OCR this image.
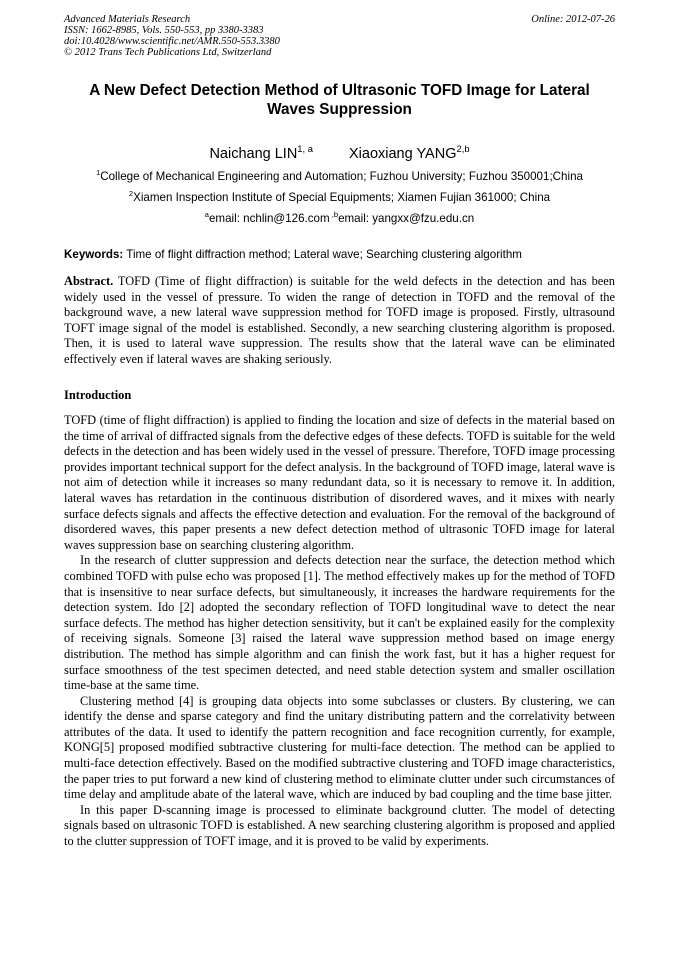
Advanced Materials Research
ISSN: 1662-8985, Vols. 550-553, pp 3380-3383
doi:10.4028/www.scientific.net/AMR.550-553.3380
© 2012 Trans Tech Publications Ltd, Switzerland
Online: 2012-07-26
A New Defect Detection Method of Ultrasonic TOFD Image for Lateral Waves Suppression
Naichang LIN$^{1, a}$ Xiaoxiang YANG$^{2,b}$
$^1$College of Mechanical Engineering and Automation; Fuzhou University; Fuzhou 350001;China
$^2$Xiamen Inspection Institute of Special Equipments; Xiamen Fujian 361000; China
$^a$email: nchlin@126.com $^{,b}$email: yangxx@fzu.edu.cn
Keywords: Time of flight diffraction method; Lateral wave; Searching clustering algorithm

Abstract. TOFD (Time of flight diffraction) is suitable for the weld defects in the detection and has been widely used in the vessel of pressure. To widen the range of detection in TOFD and the removal of the background wave, a new lateral wave suppression method for TOFD image is proposed. Firstly, ultrasound TOFT image signal of the model is established. Secondly, a new searching clustering algorithm is proposed. Then, it is used to lateral wave suppression. The results show that the lateral wave can be eliminated effectively even if lateral waves are shaking seriously.

Introduction

TOFD (time of flight diffraction) is applied to finding the location and size of defects in the material based on the time of arrival of diffracted signals from the defective edges of these defects. TOFD is suitable for the weld defects in the detection and has been widely used in the vessel of pressure. Therefore, TOFD image processing provides important technical support for the defect analysis. In the background of TOFD image, lateral wave is not aim of detection while it increases so many redundant data, so it is necessary to remove it. In addition, lateral waves has retardation in the continuous distribution of disordered waves, and it mixes with nearly surface defects signals and affects the effective detection and evaluation. For the removal of the background of disordered waves, this paper presents a new defect detection method of ultrasonic TOFD image for lateral waves suppression base on searching clustering algorithm.

In the research of clutter suppression and defects detection near the surface, the detection method which combined TOFD with pulse echo was proposed [1]. The method effectively makes up for the method of TOFD that is insensitive to near surface defects, but simultaneously, it increases the hardware requirements for the detection system. Ido [2] adopted the secondary reflection of TOFD longitudinal wave to detect the near surface defects. The method has higher detection sensitivity, but it can't be explained easily for the complexity of receiving signals. Someone [3] raised the lateral wave suppression method based on image energy distribution. The method has simple algorithm and can finish the work fast, but it has a higher request for surface smoothness of the test specimen detected, and need stable detection system and smaller oscillation time-base at the same time.

Clustering method [4] is grouping data objects into some subclasses or clusters. By clustering, we can identify the dense and sparse category and find the unitary distributing pattern and the correlativity between attributes of the data. It used to identify the pattern recognition and face recognition currently, for example, KONG[5] proposed modified subtractive clustering for multi-face detection. The method can be applied to multi-face detection effectively. Based on the modified subtractive clustering and TOFD image characteristics, the paper tries to put forward a new kind of clustering method to eliminate clutter under such circumstances of time delay and amplitude abate of the lateral wave, which are induced by bad coupling and the time base jitter.

In this paper D-scanning image is processed to eliminate background clutter. The model of detecting signals based on ultrasonic TOFD is established. A new searching clustering algorithm is proposed and applied to the clutter suppression of TOFT image, and it is proved to be valid by experiments.
